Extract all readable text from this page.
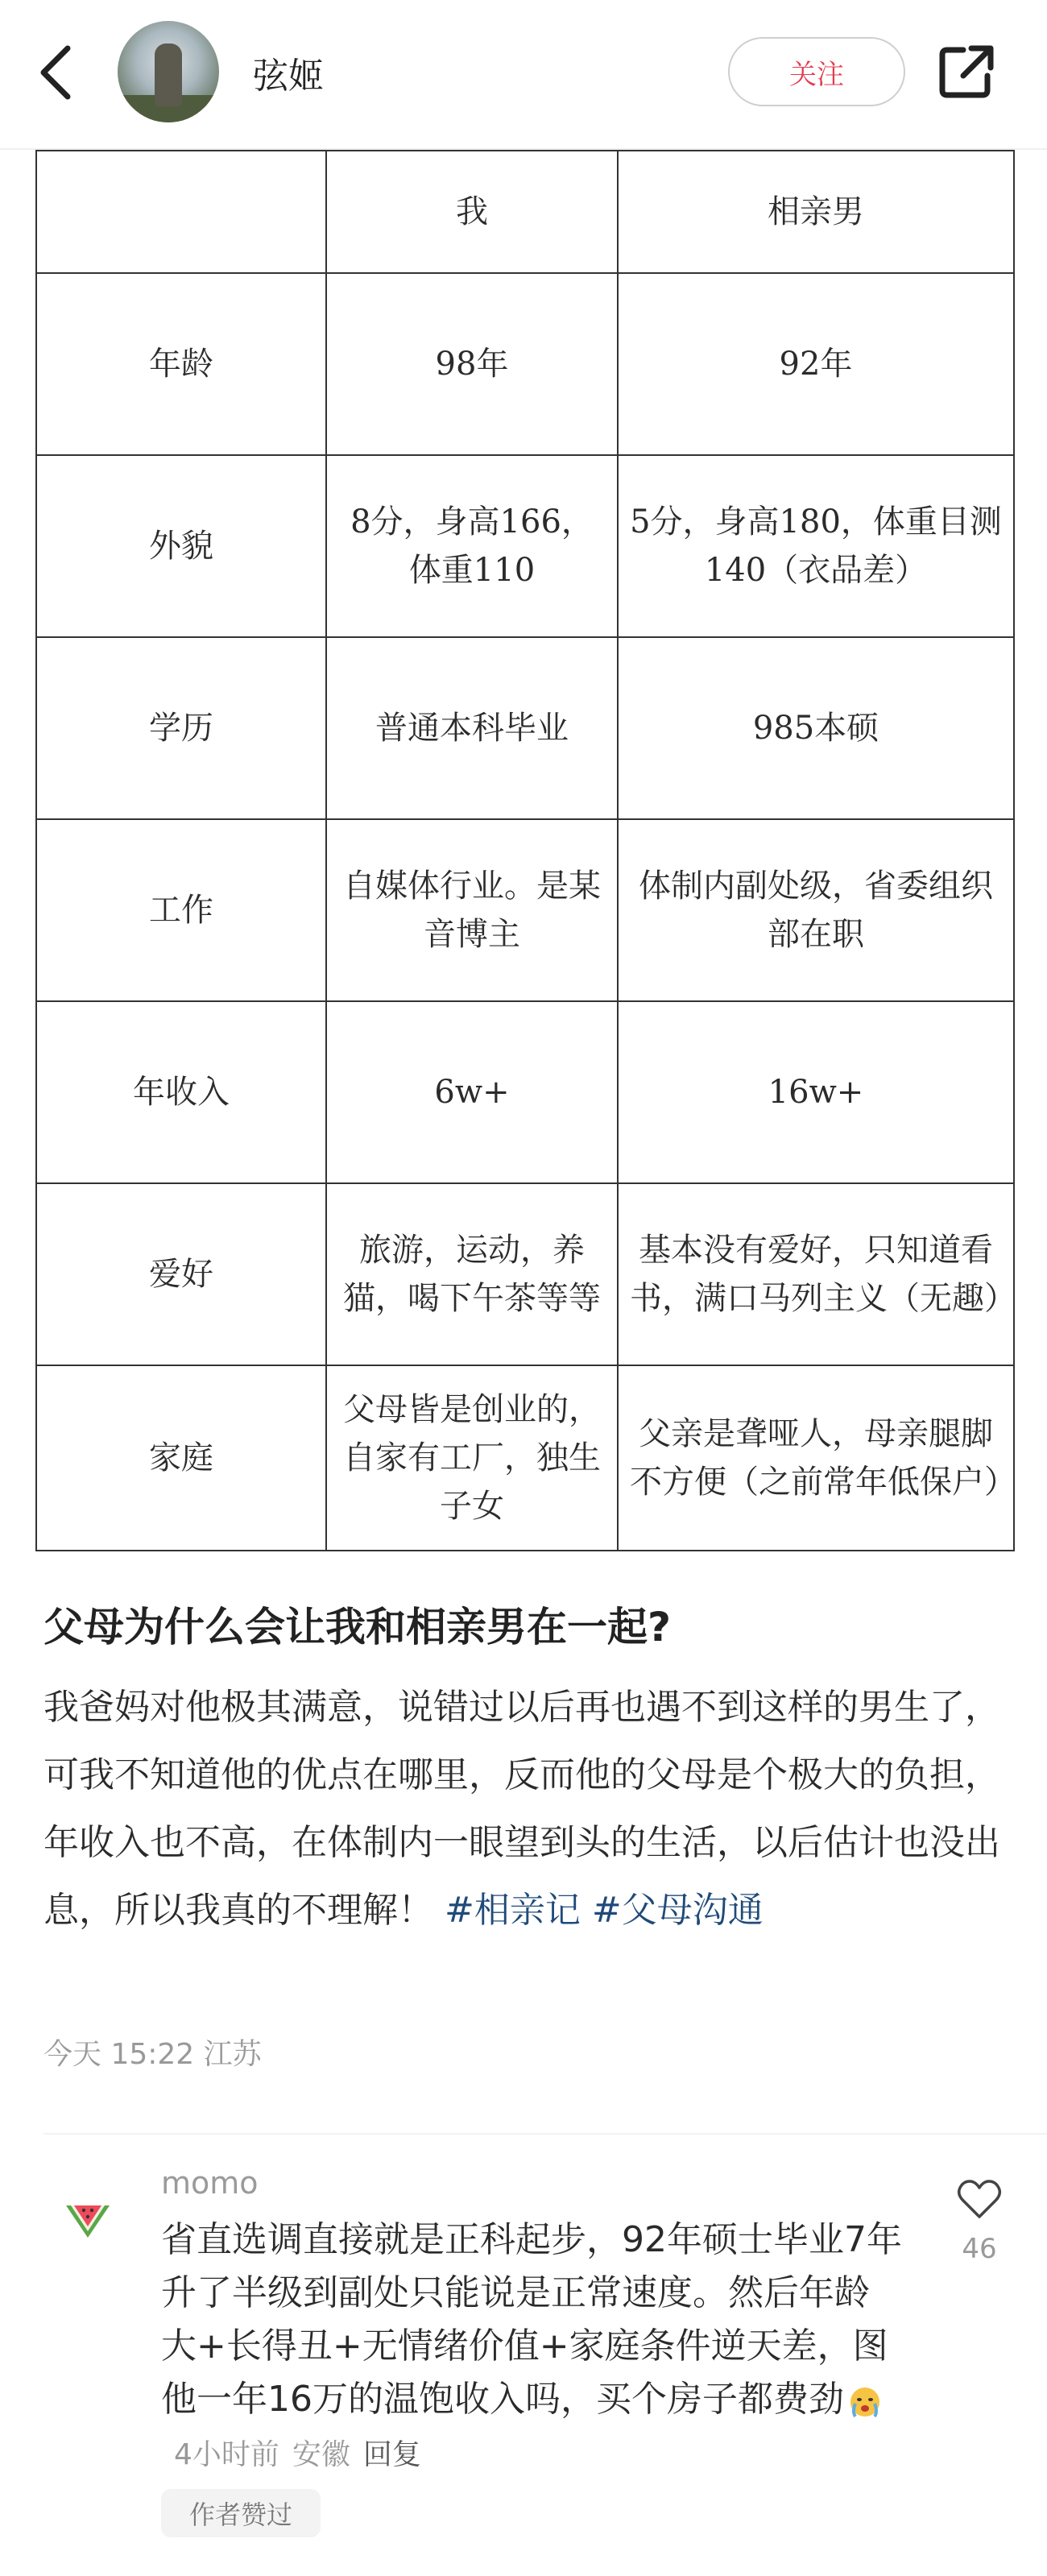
弦姬	关注
	我	相亲男
年龄	98年	92年
外貌	8分，身高166，体重110	5分，身高180，体重目测140（衣品差）
学历	普通本科毕业	985本硕
工作	自媒体行业。是某音博主	体制内副处级，省委组织部在职
年收入	6w+	16w+
爱好	旅游，运动，养猫，喝下午茶等等	基本没有爱好，只知道看书，满口马列主义（无趣）
家庭	父母皆是创业的，自家有工厂，独生子女	父亲是聋哑人，母亲腿脚不方便（之前常年低保户）
父母为什么会让我和相亲男在一起?
我爸妈对他极其满意，说错过以后再也遇不到这样的男生了，可我不知道他的优点在哪里，反而他的父母是个极大的负担，年收入也不高，在体制内一眼望到头的生活，以后估计也没出息，所以我真的不理解！ #相亲记 #父母沟通
今天 15:22 江苏
momo
省直选调直接就是正科起步，92年硕士毕业7年升了半级到副处只能说是正常速度。然后年龄大+长得丑+无情绪价值+家庭条件逆天差，图他一年16万的温饱收入吗，买个房子都费劲4小时前 安徽 回复
46
作者赞过
